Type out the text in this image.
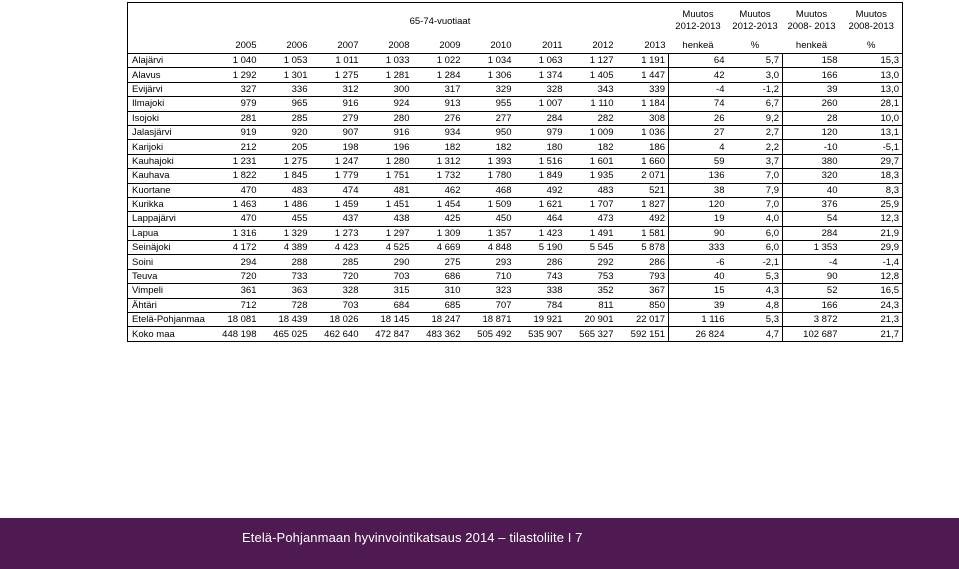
	65-74-vuotiaat									Muutos 2012-2013	Muutos 2012-2013	Muutos 2008- 2013	Muutos 2008-2013
	2005	2006	2007	2008	2009	2010	2011	2012	2013	henkeä	%	henkeä	%
Alajärvi	1 040	1 053	1 011	1 033	1 022	1 034	1 063	1 127	1 191	64	5,7	158	15,3
Alavus	1 292	1 301	1 275	1 281	1 284	1 306	1 374	1 405	1 447	42	3,0	166	13,0
Evijärvi	327	336	312	300	317	329	328	343	339	-4	-1,2	39	13,0
Ilmajoki	979	965	916	924	913	955	1 007	1 110	1 184	74	6,7	260	28,1
Isojoki	281	285	279	280	276	277	284	282	308	26	9,2	28	10,0
Jalasjärvi	919	920	907	916	934	950	979	1 009	1 036	27	2,7	120	13,1
Karijoki	212	205	198	196	182	182	180	182	186	4	2,2	-10	-5,1
Kauhajoki	1 231	1 275	1 247	1 280	1 312	1 393	1 516	1 601	1 660	59	3,7	380	29,7
Kauhava	1 822	1 845	1 779	1 751	1 732	1 780	1 849	1 935	2 071	136	7,0	320	18,3
Kuortane	470	483	474	481	462	468	492	483	521	38	7,9	40	8,3
Kurikka	1 463	1 486	1 459	1 451	1 454	1 509	1 621	1 707	1 827	120	7,0	376	25,9
Lappajärvi	470	455	437	438	425	450	464	473	492	19	4,0	54	12,3
Lapua	1 316	1 329	1 273	1 297	1 309	1 357	1 423	1 491	1 581	90	6,0	284	21,9
Seinäjoki	4 172	4 389	4 423	4 525	4 669	4 848	5 190	5 545	5 878	333	6,0	1 353	29,9
Soini	294	288	285	290	275	293	286	292	286	-6	-2,1	-4	-1,4
Teuva	720	733	720	703	686	710	743	753	793	40	5,3	90	12,8
Vimpeli	361	363	328	315	310	323	338	352	367	15	4,3	52	16,5
Ähtäri	712	728	703	684	685	707	784	811	850	39	4,8	166	24,3
Etelä-Pohjanmaa	18 081	18 439	18 026	18 145	18 247	18 871	19 921	20 901	22 017	1 116	5,3	3 872	21,3
Koko maa	448 198	465 025	462 640	472 847	483 362	505 492	535 907	565 327	592 151	26 824	4,7	102 687	21,7
Etelä-Pohjanmaan hyvinvointikatsaus 2014 – tilastoliite I 7
